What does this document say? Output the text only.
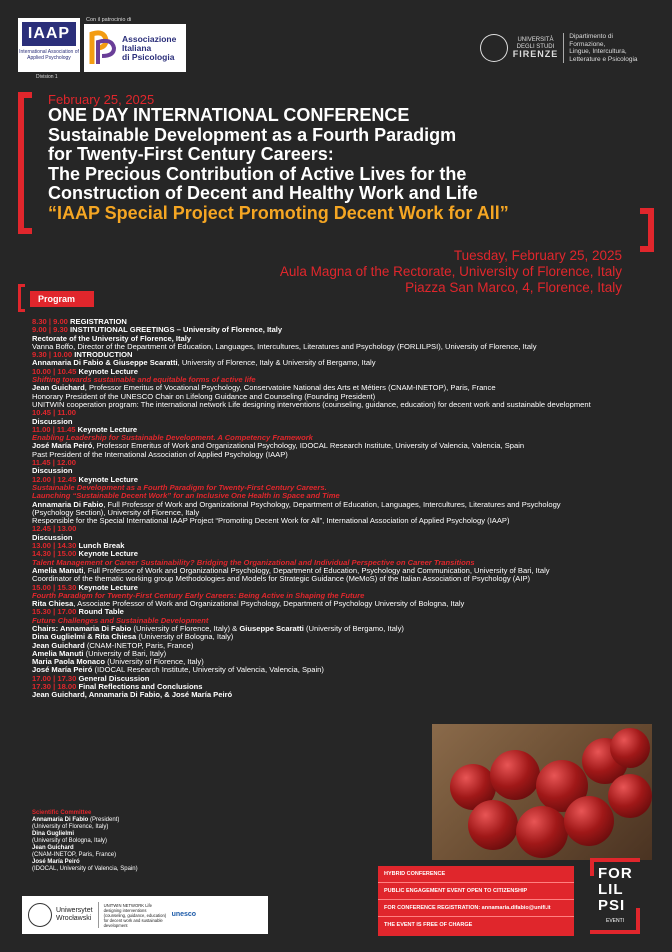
IAAP
International Association of Applied Psychology
Division 1
Con il patrocinio di
Associazione
Italiana
di Psicologia
UNIVERSITÀ
DEGLI STUDI
FIRENZE
Dipartimento di Formazione,
Lingue, Intercultura,
Letterature e Psicologia
February 25, 2025
ONE DAY INTERNATIONAL CONFERENCE
Sustainable Development as a Fourth Paradigm
for Twenty-First Century Careers:
The Precious Contribution of Active Lives for the
Construction of Decent and Healthy Work and Life
“IAAP Special Project Promoting Decent Work for All”
Tuesday, February 25, 2025
Aula Magna of the Rectorate, University of Florence, Italy
Piazza San Marco, 4, Florence, Italy
Program
8.30 | 9.00 REGISTRATION
9.00 | 9.30 INSTITUTIONAL GREETINGS – University of Florence, Italy
Rectorate of the University of Florence, Italy
Vanna Boffo, Director of the Department of Education, Languages, Intercultures, Literatures and Psychology (FORLILPSI), University of Florence, Italy
9.30 | 10.00 INTRODUCTION
Annamaria Di Fabio & Giuseppe Scaratti, University of Florence, Italy & University of Bergamo, Italy
10.00 | 10.45 Keynote Lecture
Shifting towards sustainable and equitable forms of active life
Jean Guichard, Professor Emeritus of Vocational Psychology, Conservatoire National des Arts et Métiers (CNAM-INETOP), Paris, France
Honorary President of the UNESCO Chair on Lifelong Guidance and Counseling (Founding President)
UNITWIN cooperation program: The international network Life designing interventions (counseling, guidance, education) for decent work and sustainable development
10.45 | 11.00
Discussion
11.00 | 11.45 Keynote Lecture
Enabling Leadership for Sustainable Development. A Competency Framework
José María Peiró, Professor Emeritus of Work and Organizational Psychology, IDOCAL Research Institute, University of Valencia, Valencia, Spain
Past President of the International Association of Applied Psychology (IAAP)
11.45 | 12.00
Discussion
12.00 | 12.45 Keynote Lecture
Sustainable Development as a Fourth Paradigm for Twenty-First Century Careers.
Launching “Sustainable Decent Work” for an Inclusive One Health in Space and Time
Annamaria Di Fabio, Full Professor of Work and Organizational Psychology, Department of Education, Languages, Intercultures, Literatures and Psychology
(Psychology Section), University of Florence, Italy
Responsible for the Special International IAAP Project “Promoting Decent Work for All”, International Association of Applied Psychology (IAAP)
12.45 | 13.00
Discussion
13.00 | 14.30 Lunch Break
14.30 | 15.00 Keynote Lecture
Talent Management or Career Sustainability? Bridging the Organizational and Individual Perspective on Career Transitions
Amelia Manuti, Full Professor of Work and Organizational Psychology, Department of Education, Psychology and Communication, University of Bari, Italy
Coordinator of the thematic working group Methodologies and Models for Strategic Guidance (MeMoS) of the Italian Association of Psychology (AIP)
15.00 | 15.30 Keynote Lecture
Fourth Paradigm for Twenty-First Century Early Careers: Being Active in Shaping the Future
Rita Chiesa, Associate Professor of Work and Organizational Psychology, Department of Psychology University of Bologna, Italy
15.30 | 17.00 Round Table
Future Challenges and Sustainable Development
Chairs: Annamaria Di Fabio (University of Florence, Italy) & Giuseppe Scaratti (University of Bergamo, Italy)
Dina Guglielmi & Rita Chiesa (University of Bologna, Italy)
Jean Guichard (CNAM-INETOP, Paris, France)
Amelia Manuti (University of Bari, Italy)
Maria Paola Monaco (University of Florence, Italy)
José María Peiró (IDOCAL Research Institute, University of Valencia, Valencia, Spain)
17.00 | 17.30 General Discussion
17.30 | 18.00 Final Reflections and Conclusions
Jean Guichard, Annamaria Di Fabio, & José María Peiró
Scientific Committee
Annamaria Di Fabio (President)
(University of Florence, Italy)
Dina Guglielmi
(University of Bologna, Italy)
Jean Guichard
(CNAM-INETOP, Paris, France)
José María Peiró
(IDOCAL, University of Valencia, Spain)
HYBRID CONFERENCE
PUBLIC ENGAGEMENT EVENT OPEN TO CITIZENSHIP
FOR CONFERENCE REGISTRATION: annamaria.difabio@unifi.it
THE EVENT IS FREE OF CHARGE
FOR
LIL
PSI
EVENTI
Uniwersytet
Wrocławski
UNITWIN NETWORK Life designing interventions (counseling, guidance, education) for decent work and sustainable development
unesco
